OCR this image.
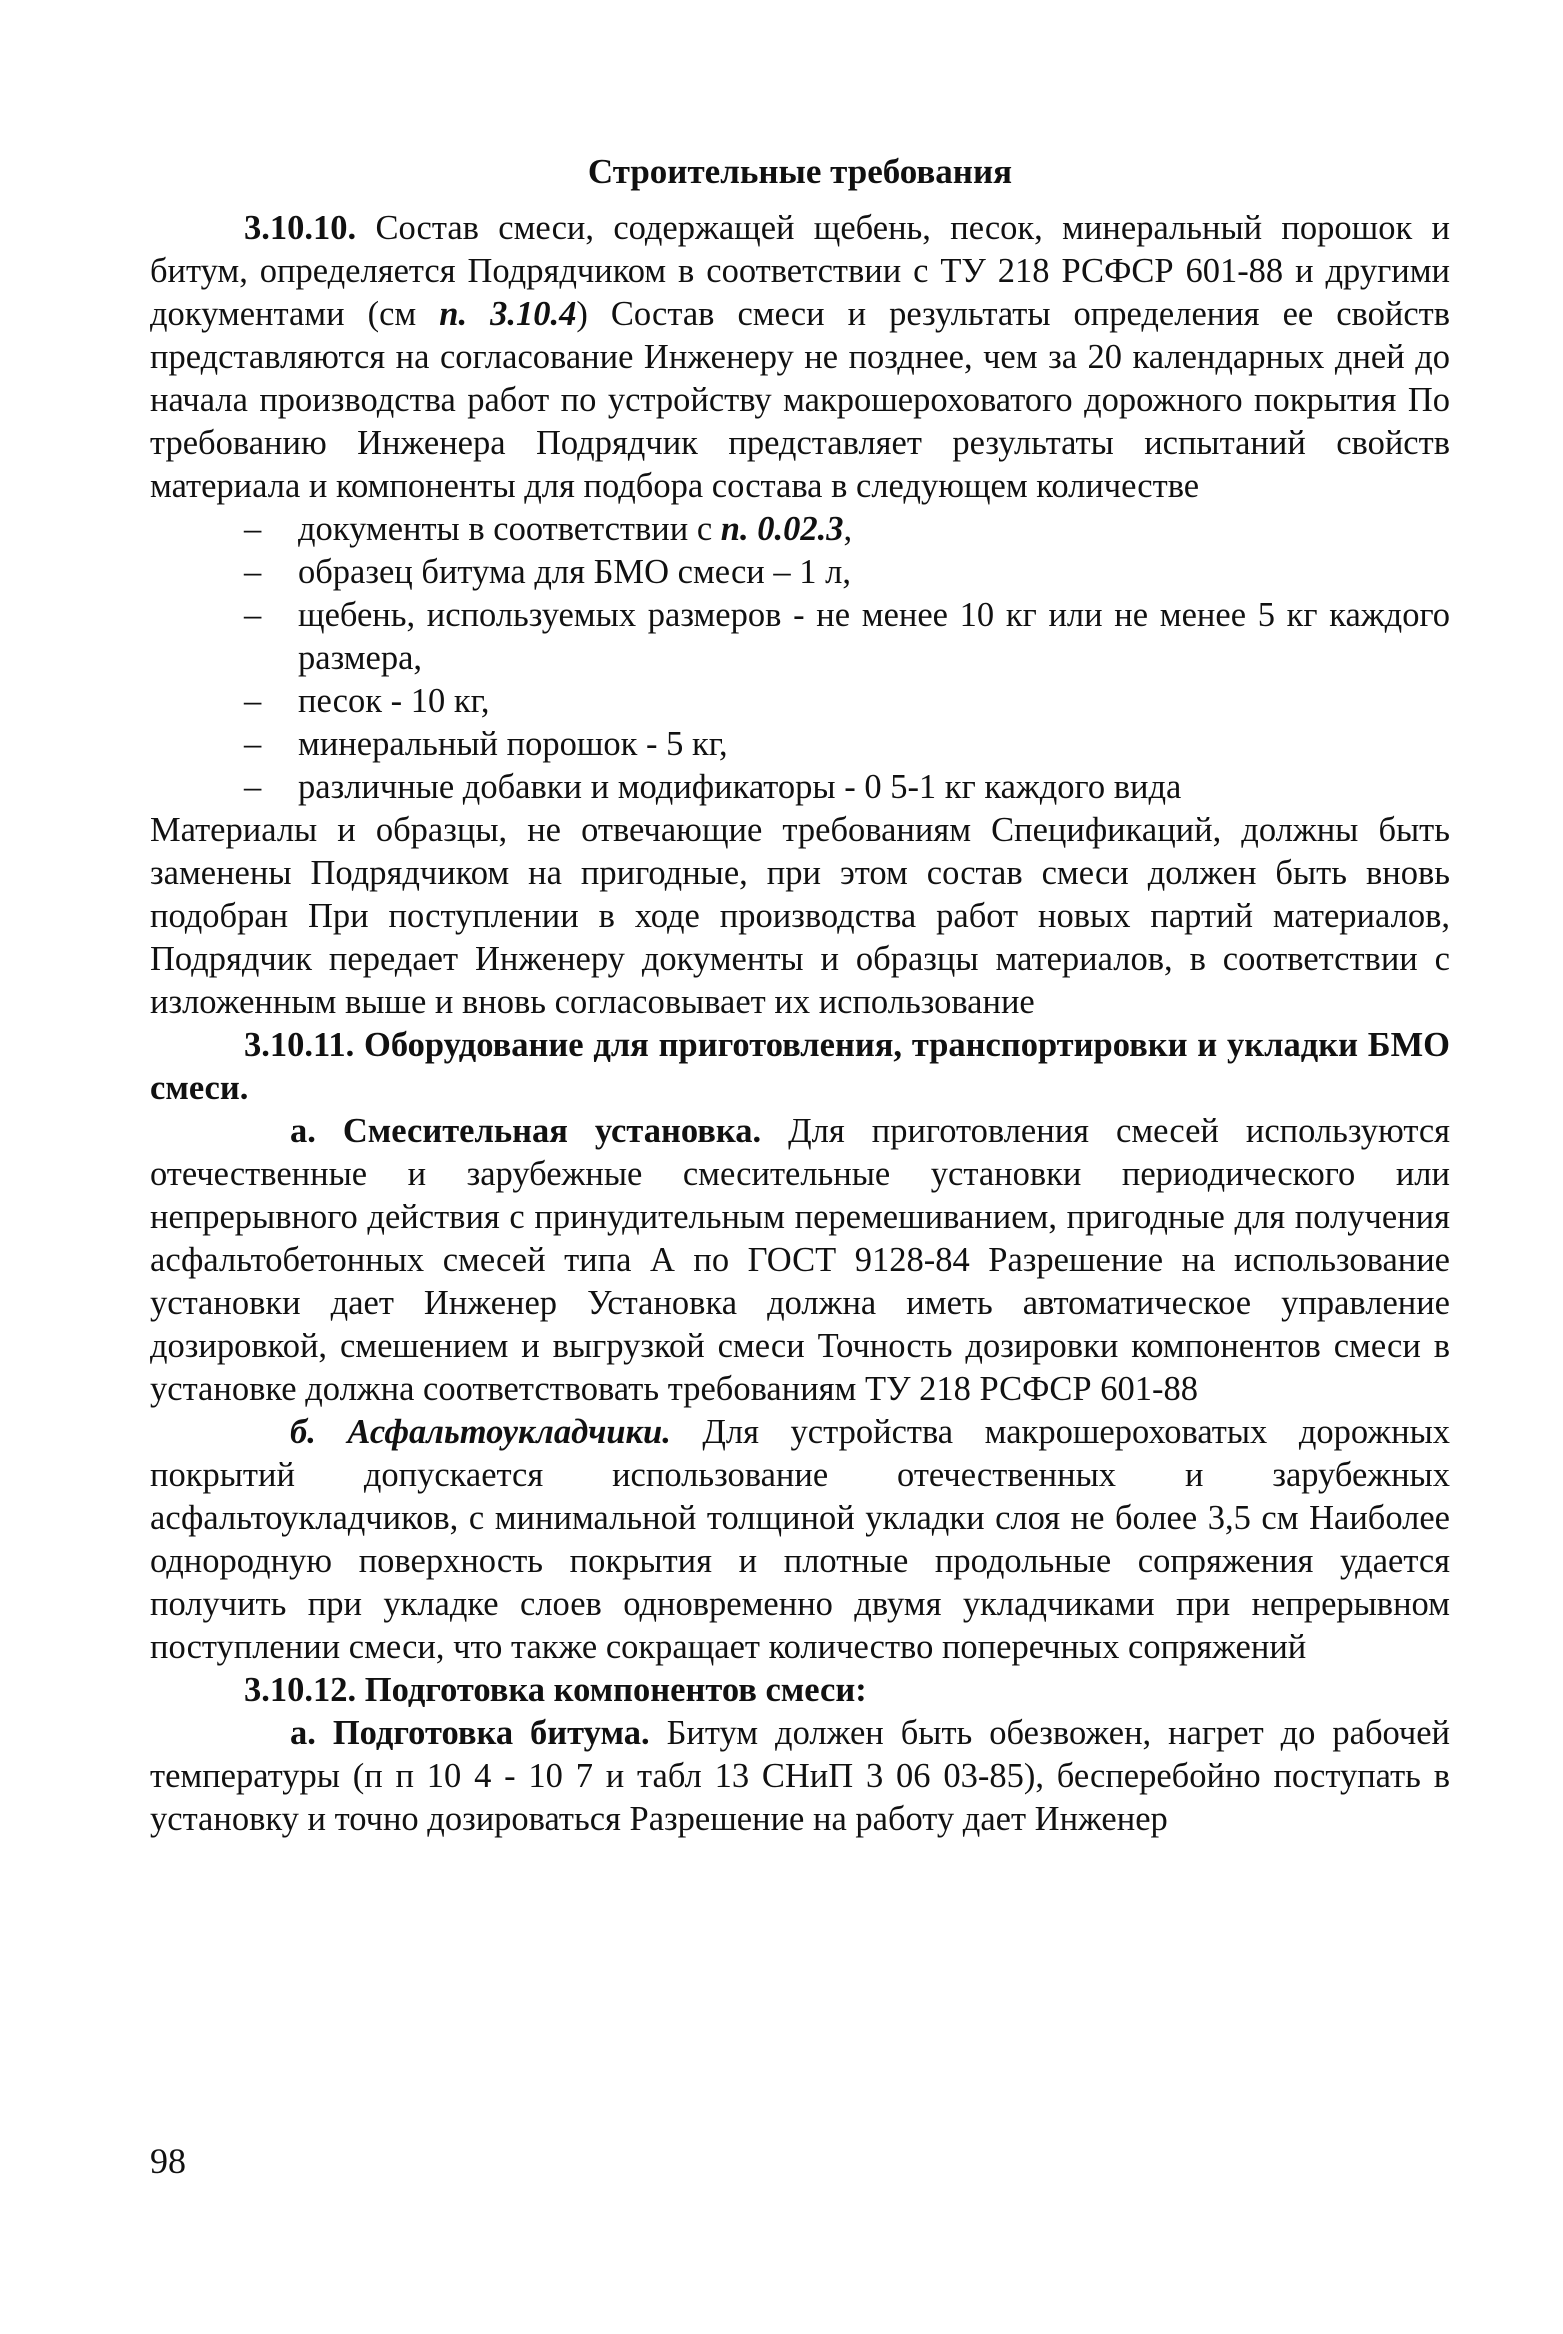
Строительные требования

3.10.10. Состав смеси, содержащей щебень, песок, минеральный порошок и битум, определяется Подрядчиком в соответствии с ТУ 218 РСФСР 601-88 и другими документами (см п. 3.10.4) Состав смеси и результаты определения ее свойств представляются на согласование Инженеру не позднее, чем за 20 календарных дней до начала производства работ по устройству макрошероховатого дорожного покрытия По требованию Инженера Подрядчик представляет результаты испытаний свойств материала и компоненты для подбора состава в следующем количестве

– документы в соответствии с п. 0.02.3,
– образец битума для БМО смеси – 1 л,
– щебень, используемых размеров - не менее 10 кг или не менее 5 кг каждого размера,
– песок - 10 кг,
– минеральный порошок - 5 кг,
– различные добавки и модификаторы - 0 5-1 кг каждого вида

Материалы и образцы, не отвечающие требованиям Спецификаций, должны быть заменены Подрядчиком на пригодные, при этом состав смеси должен быть вновь подобран При поступлении в ходе производства работ новых партий материалов, Подрядчик передает Инженеру документы и образцы материалов, в соответствии с изложенным выше и вновь согласовывает их использование

3.10.11. Оборудование для приготовления, транспортировки и укладки БМО смеси.

а. Смесительная установка. Для приготовления смесей используются отечественные и зарубежные смесительные установки периодического или непрерывного действия с принудительным перемешиванием, пригодные для получения асфальтобетонных смесей типа А по ГОСТ 9128-84 Разрешение на использование установки дает Инженер Установка должна иметь автоматическое управление дозировкой, смешением и выгрузкой смеси Точность дозировки компонентов смеси в установке должна соответствовать требованиям ТУ 218 РСФСР 601-88

б. Асфальтоукладчики. Для устройства макрошероховатых дорожных покрытий допускается использование отечественных и зарубежных асфальтоукладчиков, с минимальной толщиной укладки слоя не более 3,5 см Наиболее однородную поверхность покрытия и плотные продольные сопряжения удается получить при укладке слоев одновременно двумя укладчиками при непрерывном поступлении смеси, что также сокращает количество поперечных сопряжений

3.10.12. Подготовка компонентов смеси:

а. Подготовка битума. Битум должен быть обезвожен, нагрет до рабочей температуры (п п 10 4 - 10 7 и табл 13 СНиП 3 06 03-85), бесперебойно поступать в установку и точно дозироваться Разрешение на работу дает Инженер

98
